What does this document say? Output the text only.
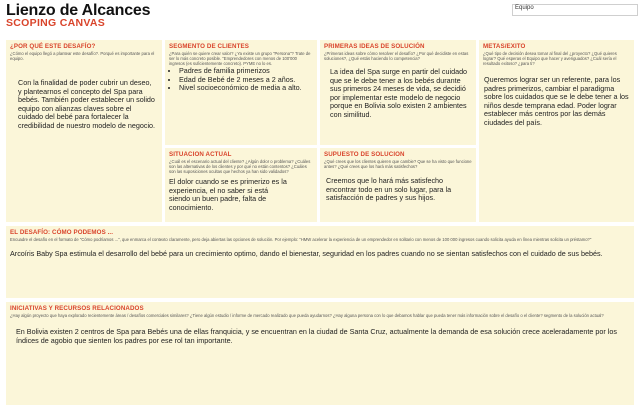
Lienzo de Alcances
SCOPING CANVAS
Equipo
¿POR QUÉ ESTE DESAFÍO?
¿Cómo el equipo llegó a plantear este desafío?. Porqué es importante para el equipo.
Con la finalidad de poder cubrir un deseo, y plantearnos el concepto del Spa para bebés. También poder establecer un solido equipo con alianzas claves sobre el cuidado del bebé para fortalecer la credibilidad de nuestro modelo de negocio.
SEGMENTO DE CLIENTES
¿Para quién se quiere crear valor? ¿Ya existe un grupo "Persona"? Trate de ser lo más concreto posible. "Emprendedores con menos de 100'000 ingresos (es suficientemente concreto). PYME no lo es.
• Padres de familia primerizos
• Edad de Bebé de 2 meses a 2 años.
• Nivel socioeconómico de media a alto.
PRIMERAS IDEAS DE SOLUCIÓN
¿Primeras ideas sobre cómo resolver el desafío? ¿Por qué decidiste en estas soluciones?, ¿Qué estás haciendo lo competencia?
La idea del Spa surge en partir del cuidado que se le debe tener a los bebés durante sus primeros 24 meses de vida, se decidió por implementar este modelo de negocio porque en Bolivia solo existen 2 ambientes con similitud.
METAS/EXITO
¿Qué tipo de decisión desea tomar al final del ¿proyecto? ¿Qué quieres lograr? Qué esperas el Equipo que hacer y averiguados? ¿Cuál sería el resultado exitoso? ¿para ti?
Queremos lograr ser un referente, para los padres primerizos, cambiar el paradigma sobre los cuidados que se le debe tener a los niños desde temprana edad. Poder lograr establecer más centros por las demás ciudades del país.
SITUACION ACTUAL
¿Cuál es el escenario actual del cliente? ¿Algún dolor o problema? ¿Cuáles son las alternativas de los clientes y por qué no están contentos? ¿Cuáles son las suposiciones ocultas que hechos ya han sido validados?
El dolor cuando se es primerizo es la experiencia, el no saber si está siendo un buen padre, falta de conocimiento.
SUPUESTO DE SOLUCION
¿Qué crees que los clientes quieren que cambie? Que se ha visto que funcione antes? ¿Qué crees que los hará más satisfechos?
Creemos que lo hará más satisfecho encontrar todo en un solo lugar, para la satisfacción de padres y sus hijos.
EL DESAFÍO: CÓMO PODEMOS ...
Encuadre el desafío en el formato de "Cómo podríamos ...", que enmarca el contexto claramente, pero deja abiertas las opciones de solución. Por ejemplo: "HMW acelerar la experiencia de un emprendedor en solitario con menos de 100 000 ingresos cuando solicita ayuda en línea mientras solicita un préstamo?"
Arcoíris Baby Spa estimula el desarrollo del bebé para un crecimiento optimo, dando el bienestar, seguridad en los padres cuando no se sientan satisfechos con el cuidado de sus bebés.
INICIATIVAS Y RECURSOS RELACIONADOS
¿Hay algún proyecto que haya explorado recientemente áreas / desafíos comerciales similares? ¿Tiene algún estudio / informe de mercado realizado que pueda ayudarnos? ¿Hay alguna persona con lo que debamos hablar que pueda tener más información sobre el desafío o el cliente? segmento de la solución actual?
En Bolivia existen 2 centros de Spa para Bebés una de ellas franquicia, y se encuentran en la ciudad de Santa Cruz, actualmente la demanda de esa solución crece aceleradamente por los índices de agobio que sienten los padres por ese rol tan importante.
